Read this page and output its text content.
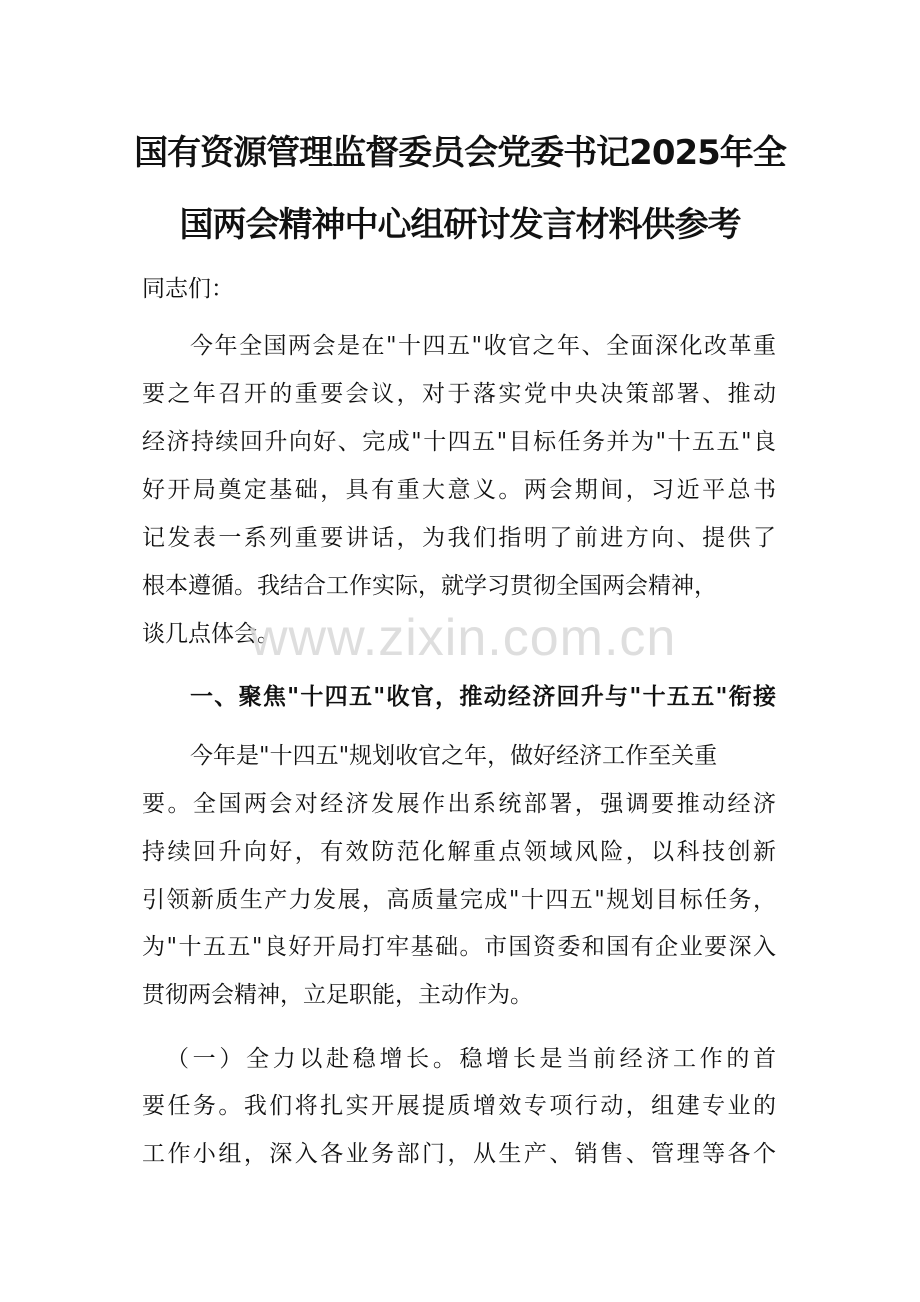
国有资源管理监督委员会党委书记2025年全
国两会精神中心组研讨发言材料供参考
同志们：
今年全国两会是在"十四五"收官之年、全面深化改革重
要之年召开的重要会议，对于落实党中央决策部署、推动
经济持续回升向好、完成"十四五"目标任务并为"十五五"良
好开局奠定基础，具有重大意义。两会期间，习近平总书
记发表一系列重要讲话，为我们指明了前进方向、提供了
根本遵循。我结合工作实际，就学习贯彻全国两会精神，
谈几点体会。
一、聚焦"十四五"收官，推动经济回升与"十五五"衔接
今年是"十四五"规划收官之年，做好经济工作至关重
要。全国两会对经济发展作出系统部署，强调要推动经济
持续回升向好，有效防范化解重点领域风险，以科技创新
引领新质生产力发展，高质量完成"十四五"规划目标任务，
为"十五五"良好开局打牢基础。市国资委和国有企业要深入
贯彻两会精神，立足职能，主动作为。
（一）全力以赴稳增长。稳增长是当前经济工作的首
要任务。我们将扎实开展提质增效专项行动，组建专业的
工作小组，深入各业务部门，从生产、销售、管理等各个
www.zixin.com.cn
